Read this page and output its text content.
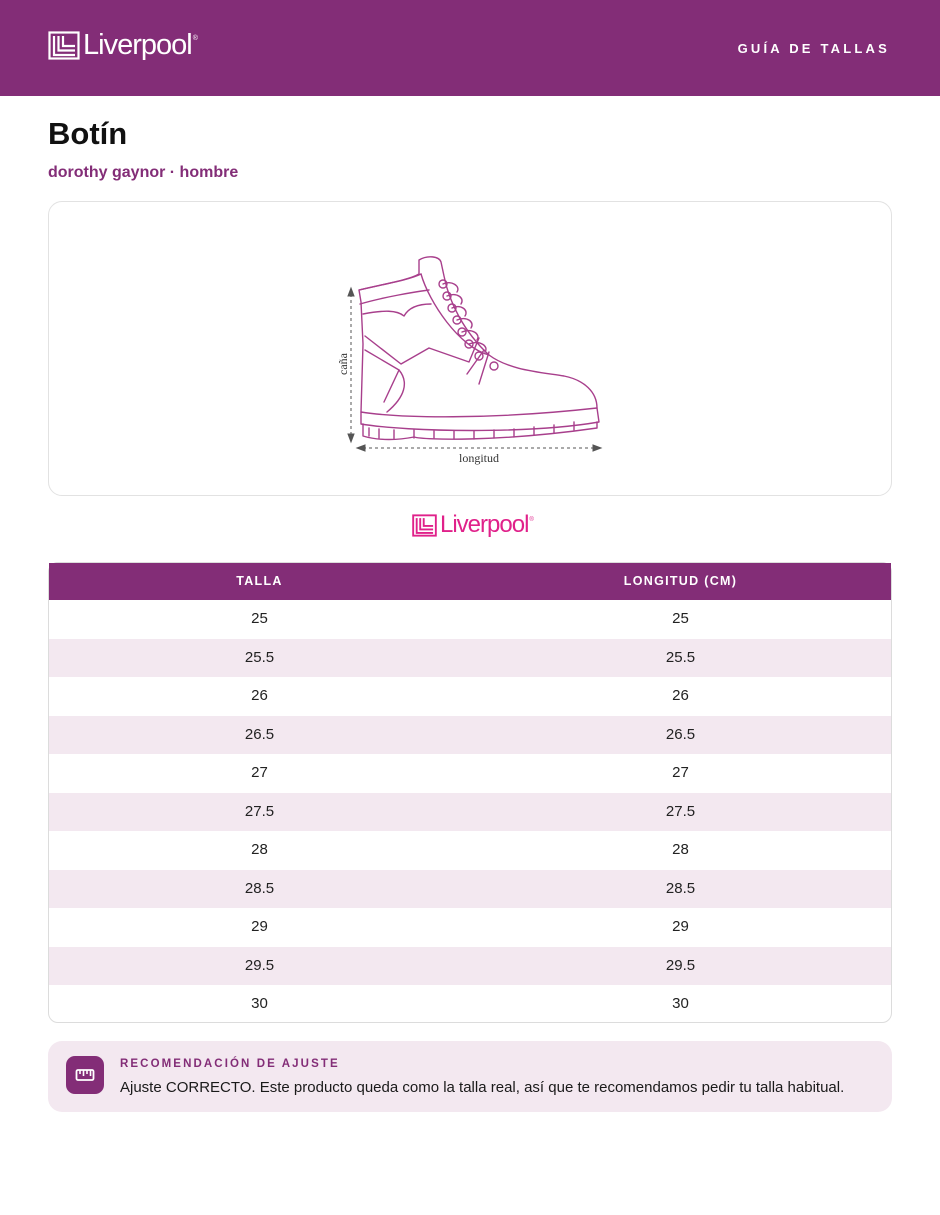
Liverpool ®
GUÍA DE TALLAS
Botín
dorothy gaynor · hombre
caña
longitud
Liverpool ®
TALLA	LONGITUD (CM)
25	25
25.5	25.5
26	26
26.5	26.5
27	27
27.5	27.5
28	28
28.5	28.5
29	29
29.5	29.5
30	30
RECOMENDACIÓN DE AJUSTE
Ajuste CORRECTO. Este producto queda como la talla real, así que te recomendamos pedir tu talla habitual.
